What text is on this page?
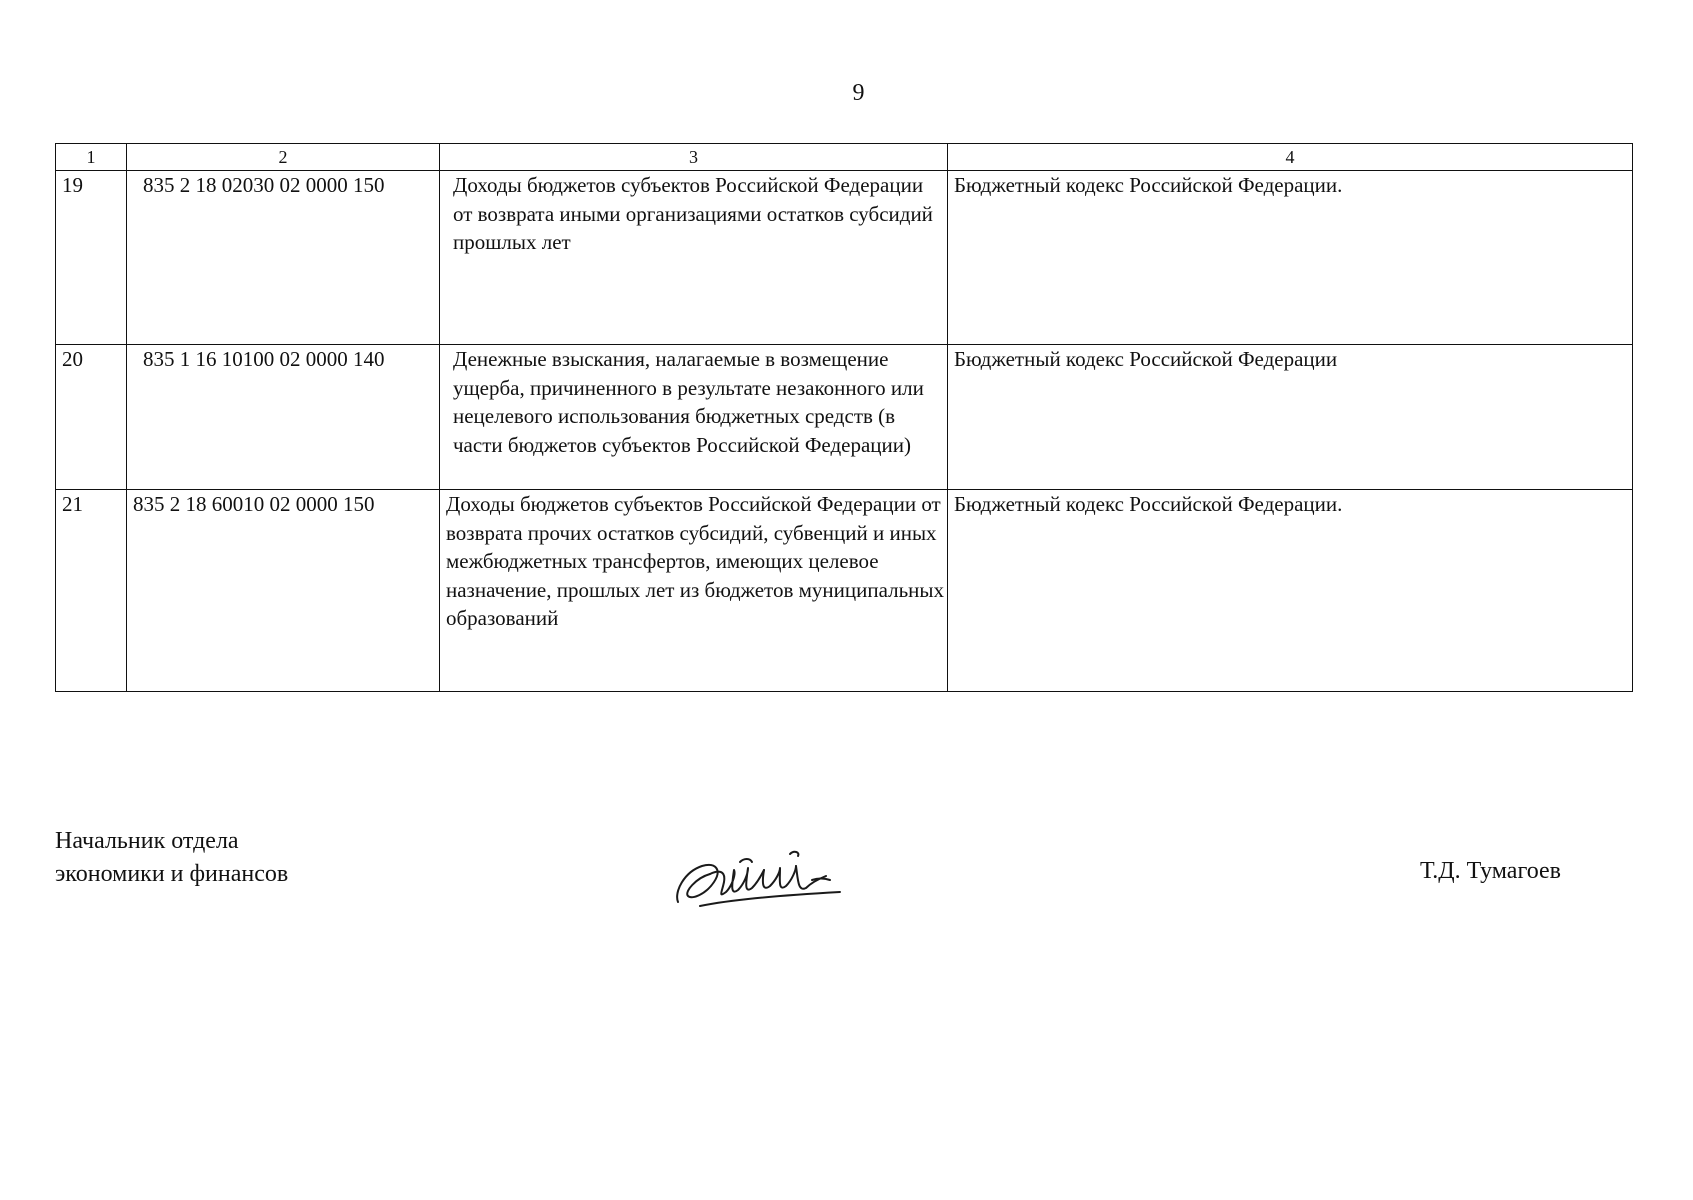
9
1	2	3	4
19	835 2 18 02030 02 0000 150	Доходы бюджетов субъектов Российской Федерации от возврата иными организациями остатков субсидий прошлых лет	Бюджетный кодекс Российской Федерации.
20	835 1 16 10100 02 0000 140	Денежные взыскания, налагаемые в возмещение ущерба, причиненного в результате незаконного или нецелевого использования бюджетных средств (в части бюджетов субъектов Российской Федерации)	Бюджетный кодекс Российской Федерации
21	835 2 18 60010 02 0000 150	Доходы бюджетов субъектов Российской Федерации от возврата прочих остатков субсидий, субвенций и иных межбюджетных трансфертов, имеющих целевое назначение, прошлых лет из бюджетов муниципальных образований	Бюджетный кодекс Российской Федерации.
Начальник отдела
экономики и финансов	Т.Д. Тумагоев
